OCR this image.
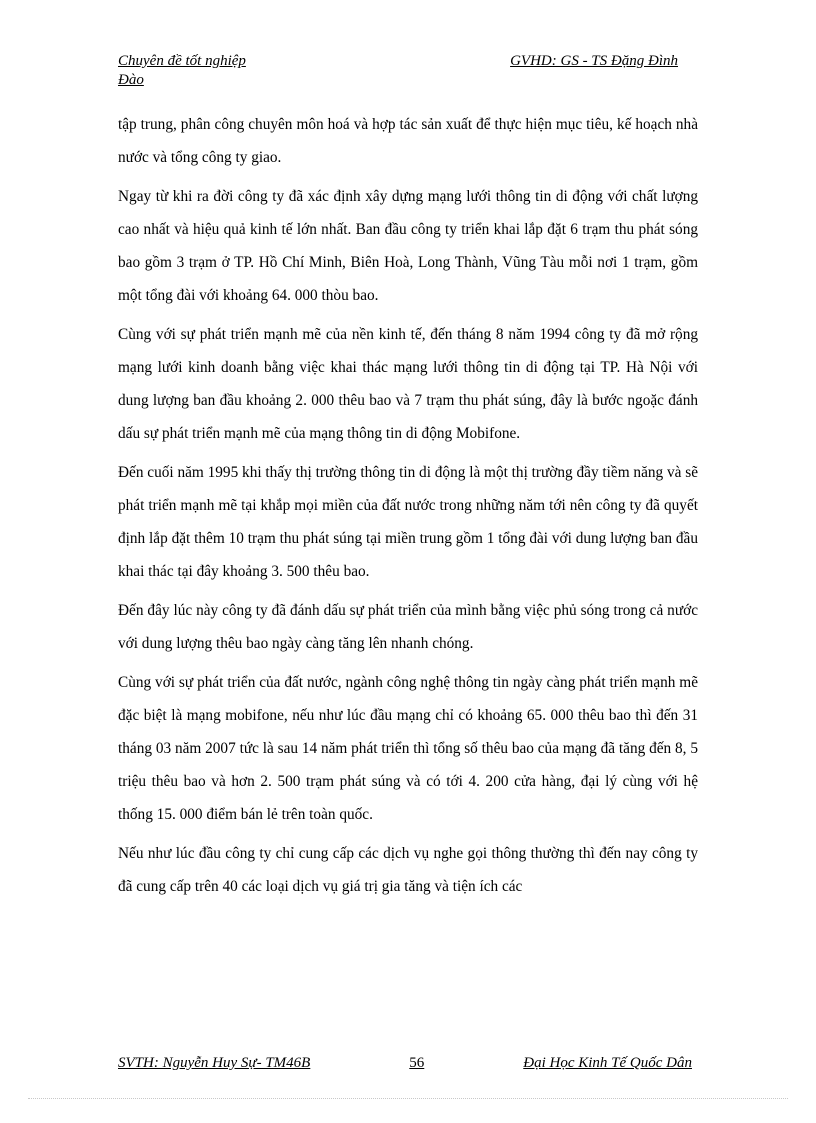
Chuyên đề tốt nghiệp	GVHD: GS - TS Đặng Đình
Đào

tập trung, phân công chuyên môn hoá và hợp tác sản xuất để thực hiện mục tiêu, kế hoạch nhà nước và tổng công ty giao.

Ngay từ khi ra đời công ty đã xác định xây dựng mạng lưới thông tin di động với chất lượng cao nhất và hiệu quả kinh tế lớn nhất. Ban đầu công ty triển khai lắp đặt 6 trạm thu phát sóng bao gồm 3 trạm ở TP. Hồ Chí Minh, Biên Hoà, Long Thành, Vũng Tàu mỗi nơi 1 trạm, gồm một tổng đài với khoảng 64. 000 thòu bao.

Cùng với sự phát triển mạnh mẽ của nền kinh tế, đến tháng 8 năm 1994 công ty đã mở rộng mạng lưới kinh doanh bằng việc khai thác mạng lưới thông tin di động tại TP. Hà Nội với dung lượng ban đầu khoảng 2. 000 thêu bao và 7 trạm thu phát súng, đây là bước ngoặc đánh dấu sự phát triển mạnh mẽ của mạng thông tin di động Mobifone.

Đến cuối năm 1995 khi thấy thị trường thông tin di động là một thị trường đầy tiềm năng và sẽ phát triển mạnh mẽ tại khắp mọi miền của đất nước trong những năm tới nên công ty đã quyết định lắp đặt thêm 10 trạm thu phát súng tại miền trung gồm 1 tổng đài với dung lượng ban đầu khai thác tại đây khoảng 3. 500 thêu bao.

Đến đây lúc này công ty đã đánh dấu sự phát triển của mình bằng việc phủ sóng trong cả nước với dung lượng thêu bao ngày càng tăng lên nhanh chóng.

Cùng với sự phát triển của đất nước, ngành công nghệ thông tin ngày càng phát triển mạnh mẽ đặc biệt là mạng mobifone, nếu như lúc đầu mạng chỉ có khoảng 65. 000 thêu bao thì đến 31 tháng 03 năm 2007 tức là sau 14 năm phát triển thì tổng số thêu bao của mạng đã tăng đến 8, 5 triệu thêu bao và hơn 2. 500 trạm phát súng và có tới 4. 200 cửa hàng, đại lý cùng với hệ thống 15. 000 điểm bán lẻ trên toàn quốc.

Nếu như lúc đầu công ty chỉ cung cấp các dịch vụ nghe gọi thông thường thì đến nay công ty đã cung cấp trên 40 các loại dịch vụ giá trị gia tăng và tiện ích các

SVTH: Nguyễn Huy Sự- TM46B	56	Đại Học Kinh Tế Quốc Dân
